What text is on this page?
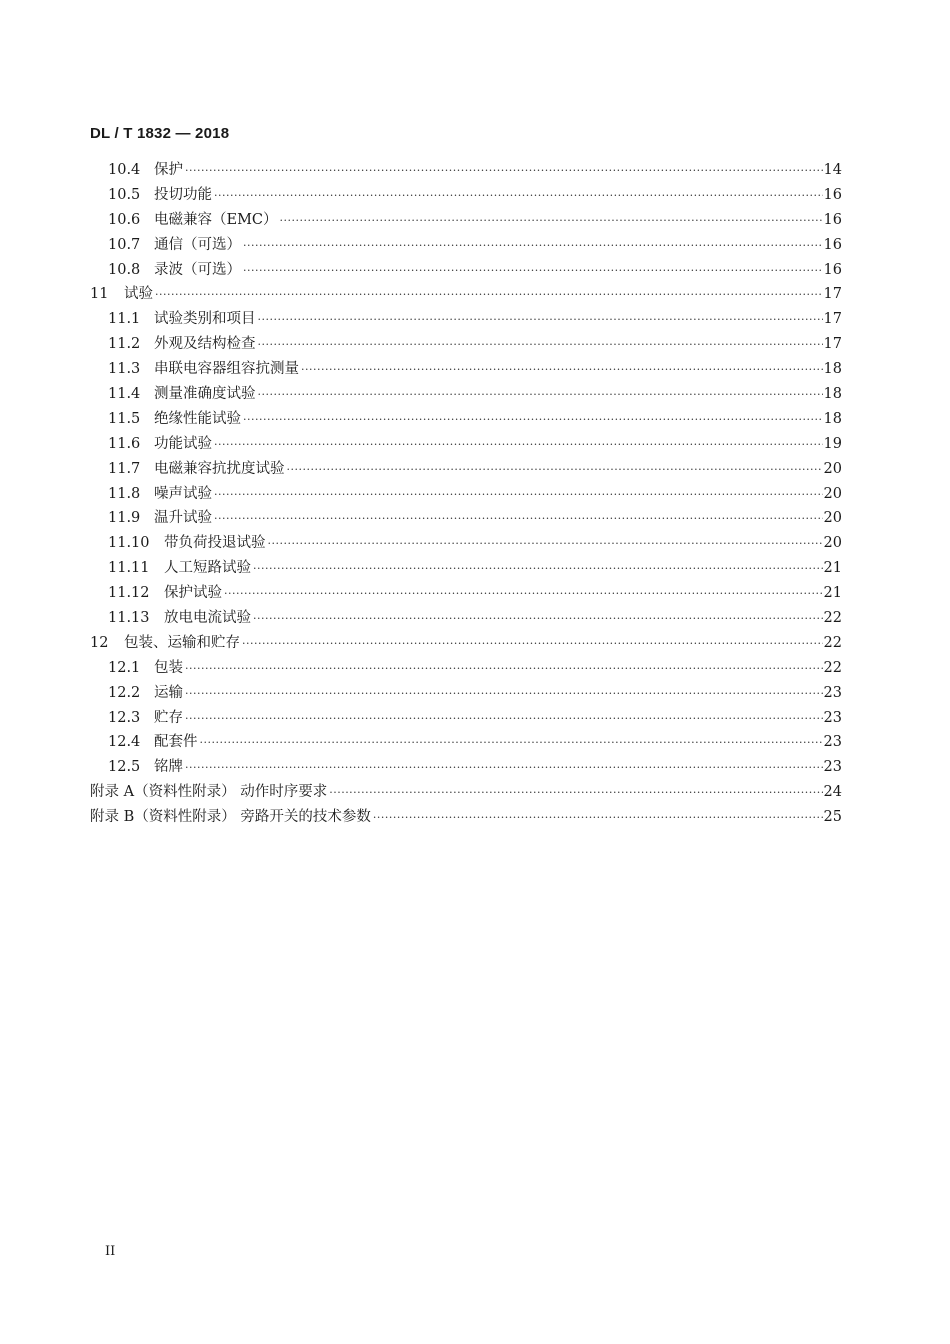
DL / T 1832 — 2018
10.4 保护 ·····	14
10.5 投切功能 ·····	16
10.6 电磁兼容（EMC） ·····	16
10.7 通信（可选） ·····	16
10.8 录波（可选） ·····	16
11	试验 ·····	17
11.1 试验类别和项目 ·····	17
11.2 外观及结构检查 ·····	17
11.3 串联电容器组容抗测量 ·····	18
11.4 测量准确度试验 ·····	18
11.5 绝缘性能试验 ·····	18
11.6 功能试验 ·····	19
11.7 电磁兼容抗扰度试验 ·····	20
11.8 噪声试验 ·····	20
11.9 温升试验 ·····	20
11.10 带负荷投退试验 ·····	20
11.11 人工短路试验 ·····	21
11.12 保护试验 ·····	21
11.13 放电电流试验 ·····	22
12	包装、运输和贮存 ·····	22
12.1 包装 ·····	22
12.2 运输 ·····	23
12.3 贮存 ·····	23
12.4 配套件 ·····	23
12.5 铭牌 ·····	23
附录 A（资料性附录） 动作时序要求 ·····	24
附录 B（资料性附录） 旁路开关的技术参数 ·····	25
II
